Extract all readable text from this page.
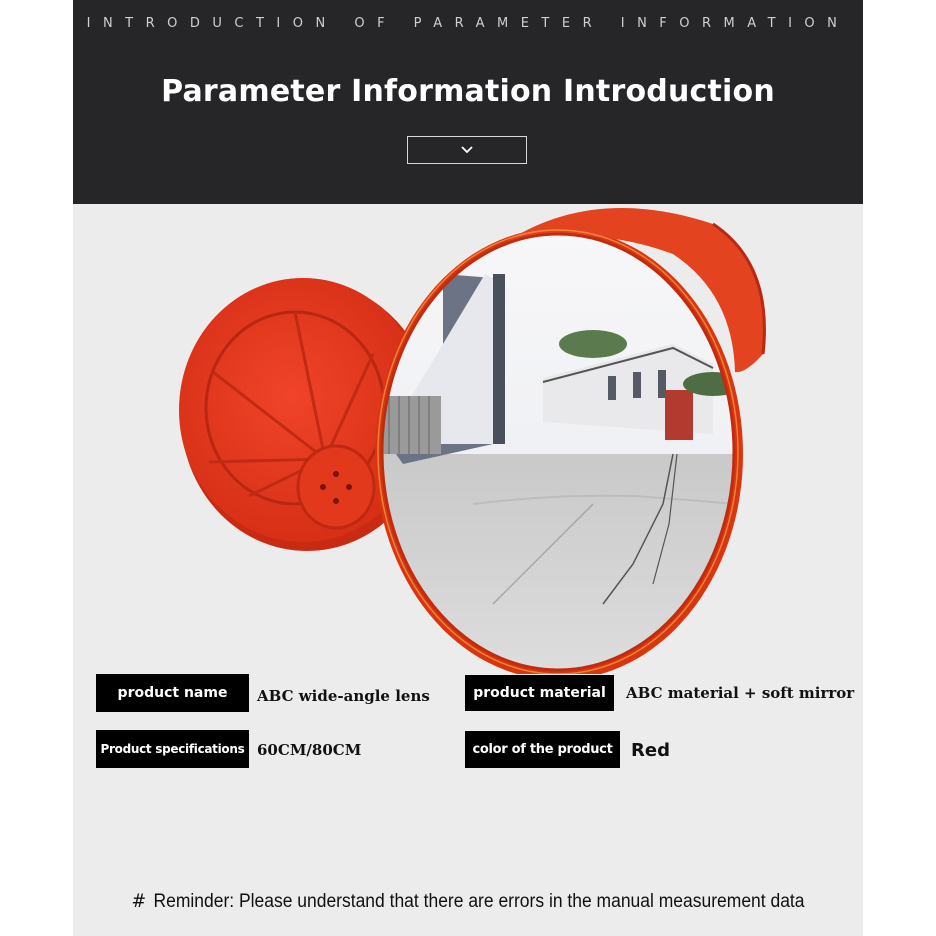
INTRODUCTION OF PARAMETER INFORMATION
Parameter Information Introduction
product name	ABC wide-angle lens	product material	ABC material + soft mirror
Product specifications 60CM/80CM	color of the product	Red
# Reminder: Please understand that there are errors in the manual measurement data
